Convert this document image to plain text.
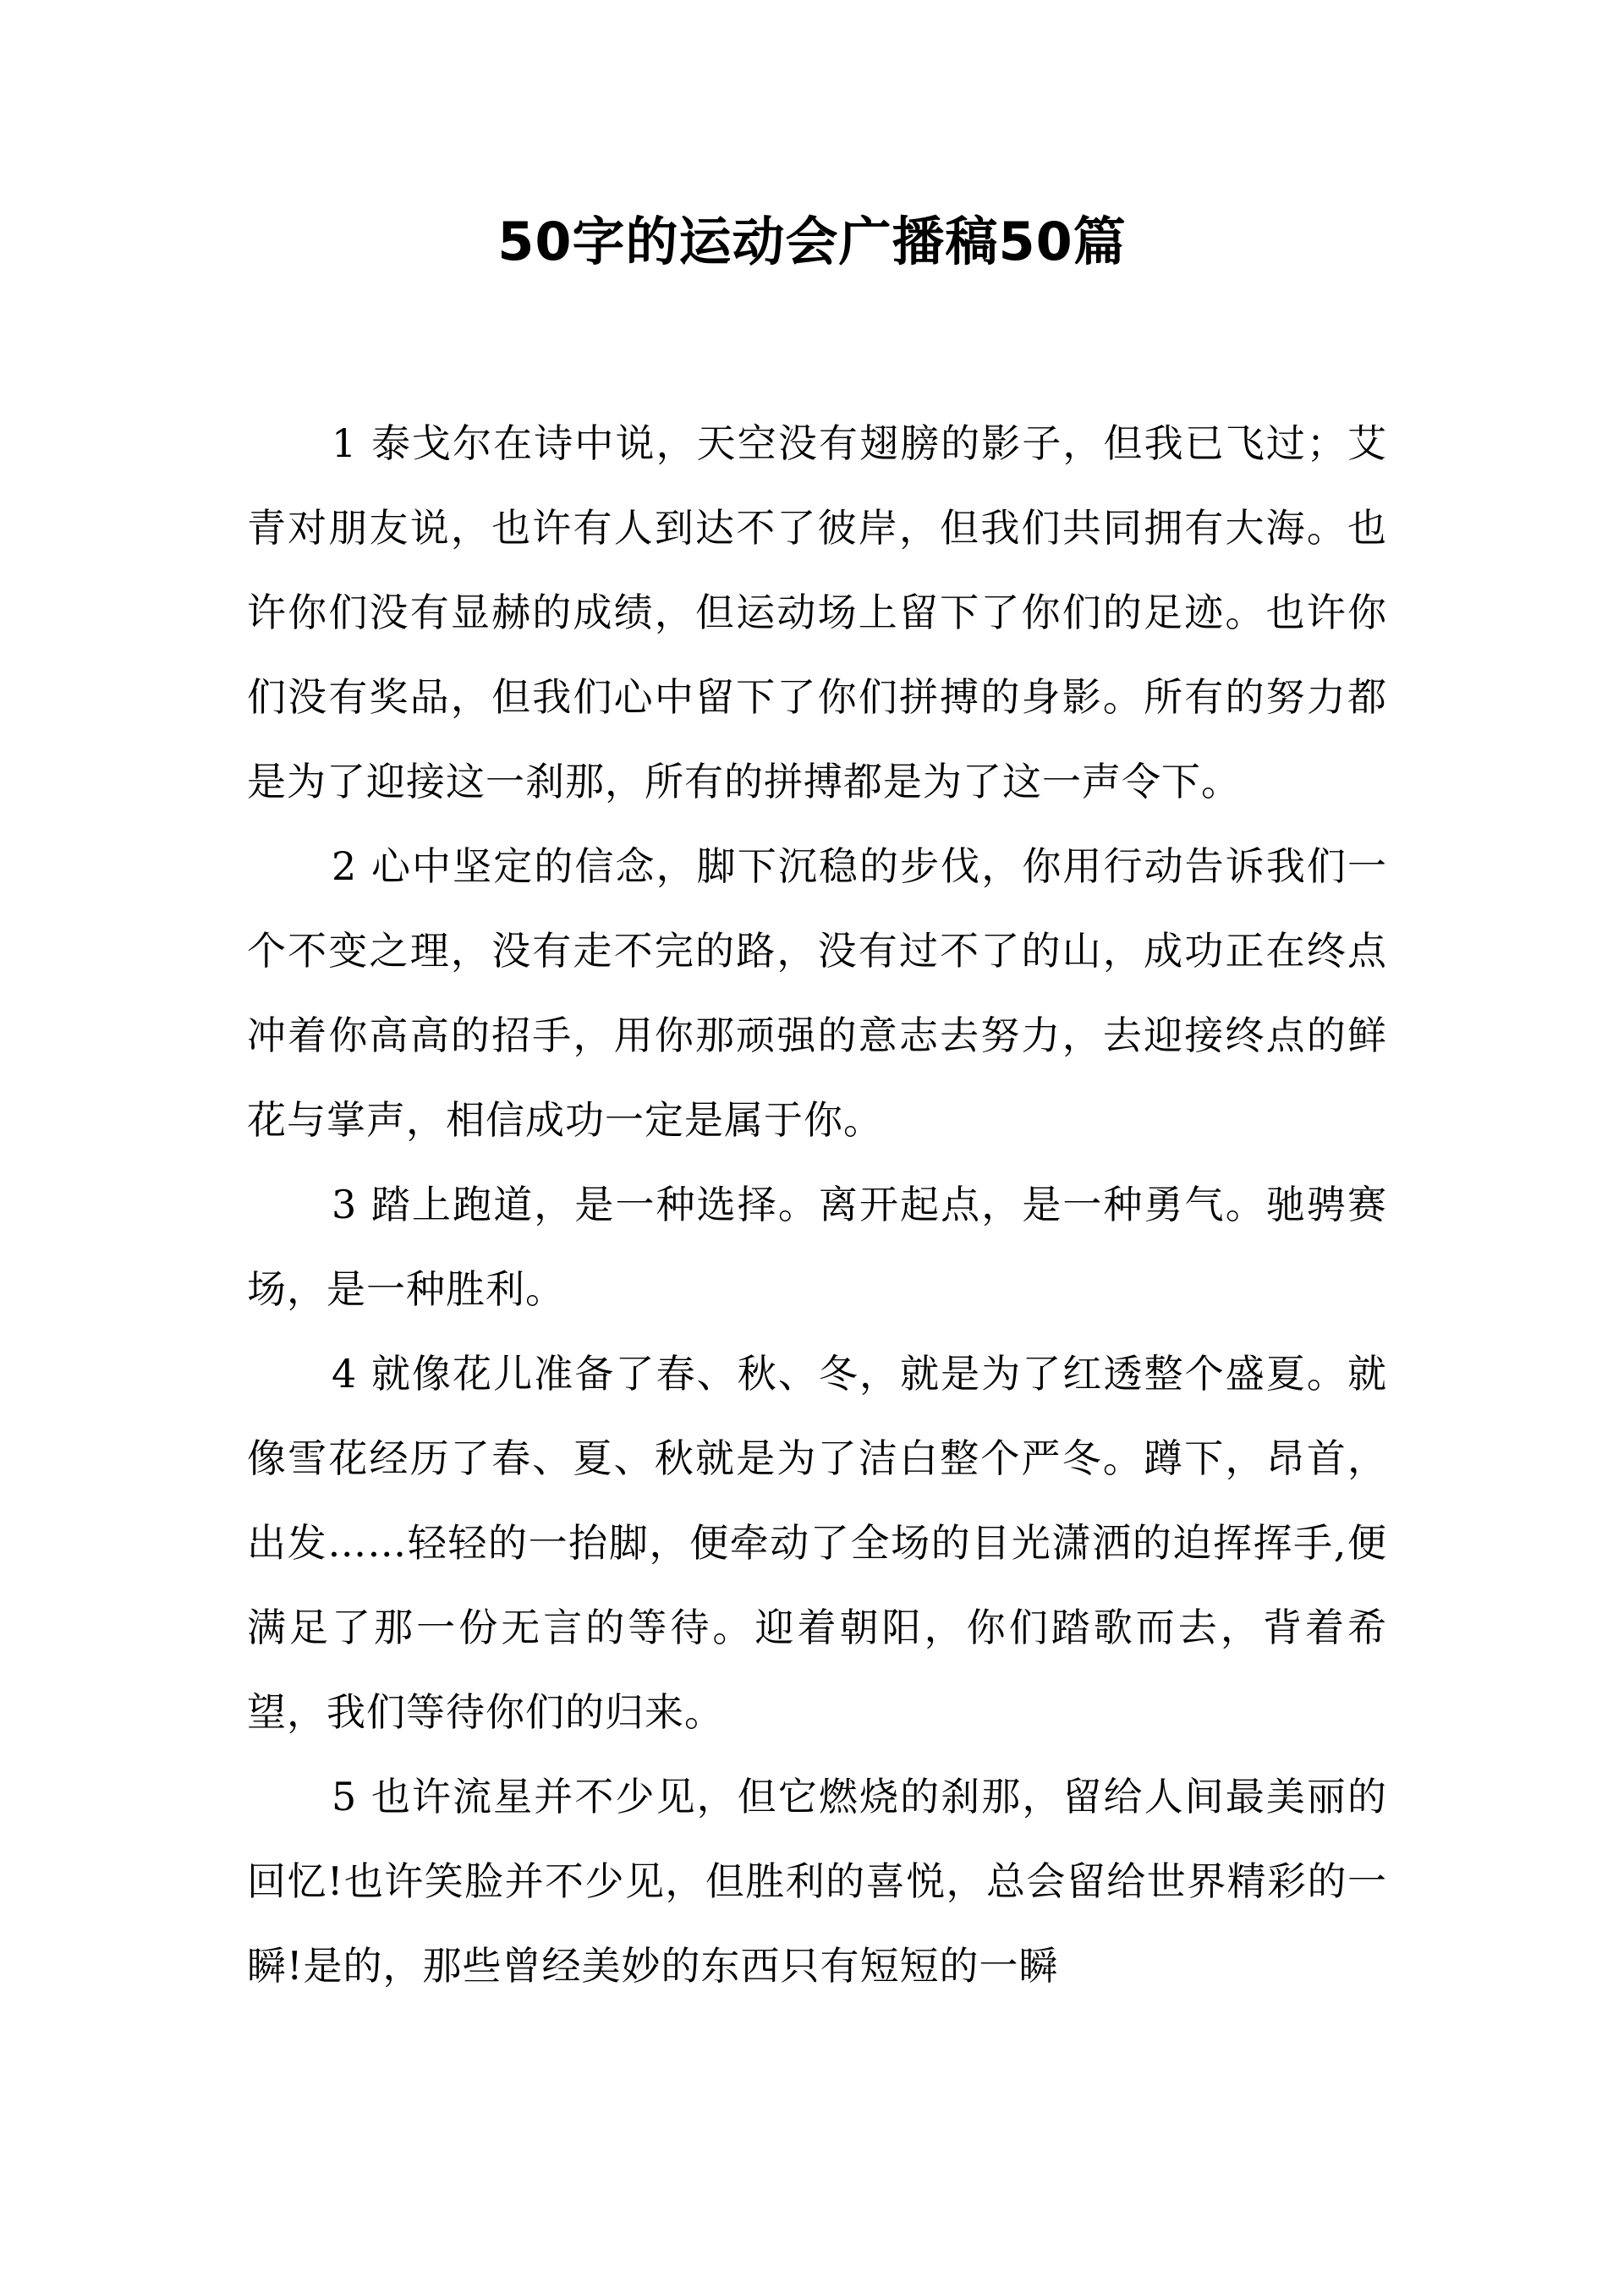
50字的运动会广播稿50篇

1 泰戈尔在诗中说，天空没有翅膀的影子，但我已飞过；艾青对朋友说，也许有人到达不了彼岸，但我们共同拥有大海。也许你们没有显赫的成绩，但运动场上留下了你们的足迹。也许你们没有奖品，但我们心中留下了你们拼搏的身影。所有的努力都是为了迎接这一刹那，所有的拼搏都是为了这一声令下。

2 心中坚定的信念，脚下沉稳的步伐，你用行动告诉我们一个不变之理，没有走不完的路，没有过不了的山，成功正在终点冲着你高高的招手，用你那顽强的意志去努力，去迎接终点的鲜花与掌声，相信成功一定是属于你。

3 踏上跑道，是一种选择。离开起点，是一种勇气。驰骋赛场，是一种胜利。

4 就像花儿准备了春、秋、冬，就是为了红透整个盛夏。就像雪花经历了春、夏、秋就是为了洁白整个严冬。蹲下，昂首，出发……轻轻的一抬脚，便牵动了全场的目光潇洒的迫挥挥手,便满足了那一份无言的等待。迎着朝阳，你们踏歌而去，背着希望，我们等待你们的归来。

5 也许流星并不少见，但它燃烧的刹那，留给人间最美丽的回忆!也许笑脸并不少见，但胜利的喜悦，总会留给世界精彩的一瞬!是的，那些曾经美妙的东西只有短短的一瞬
